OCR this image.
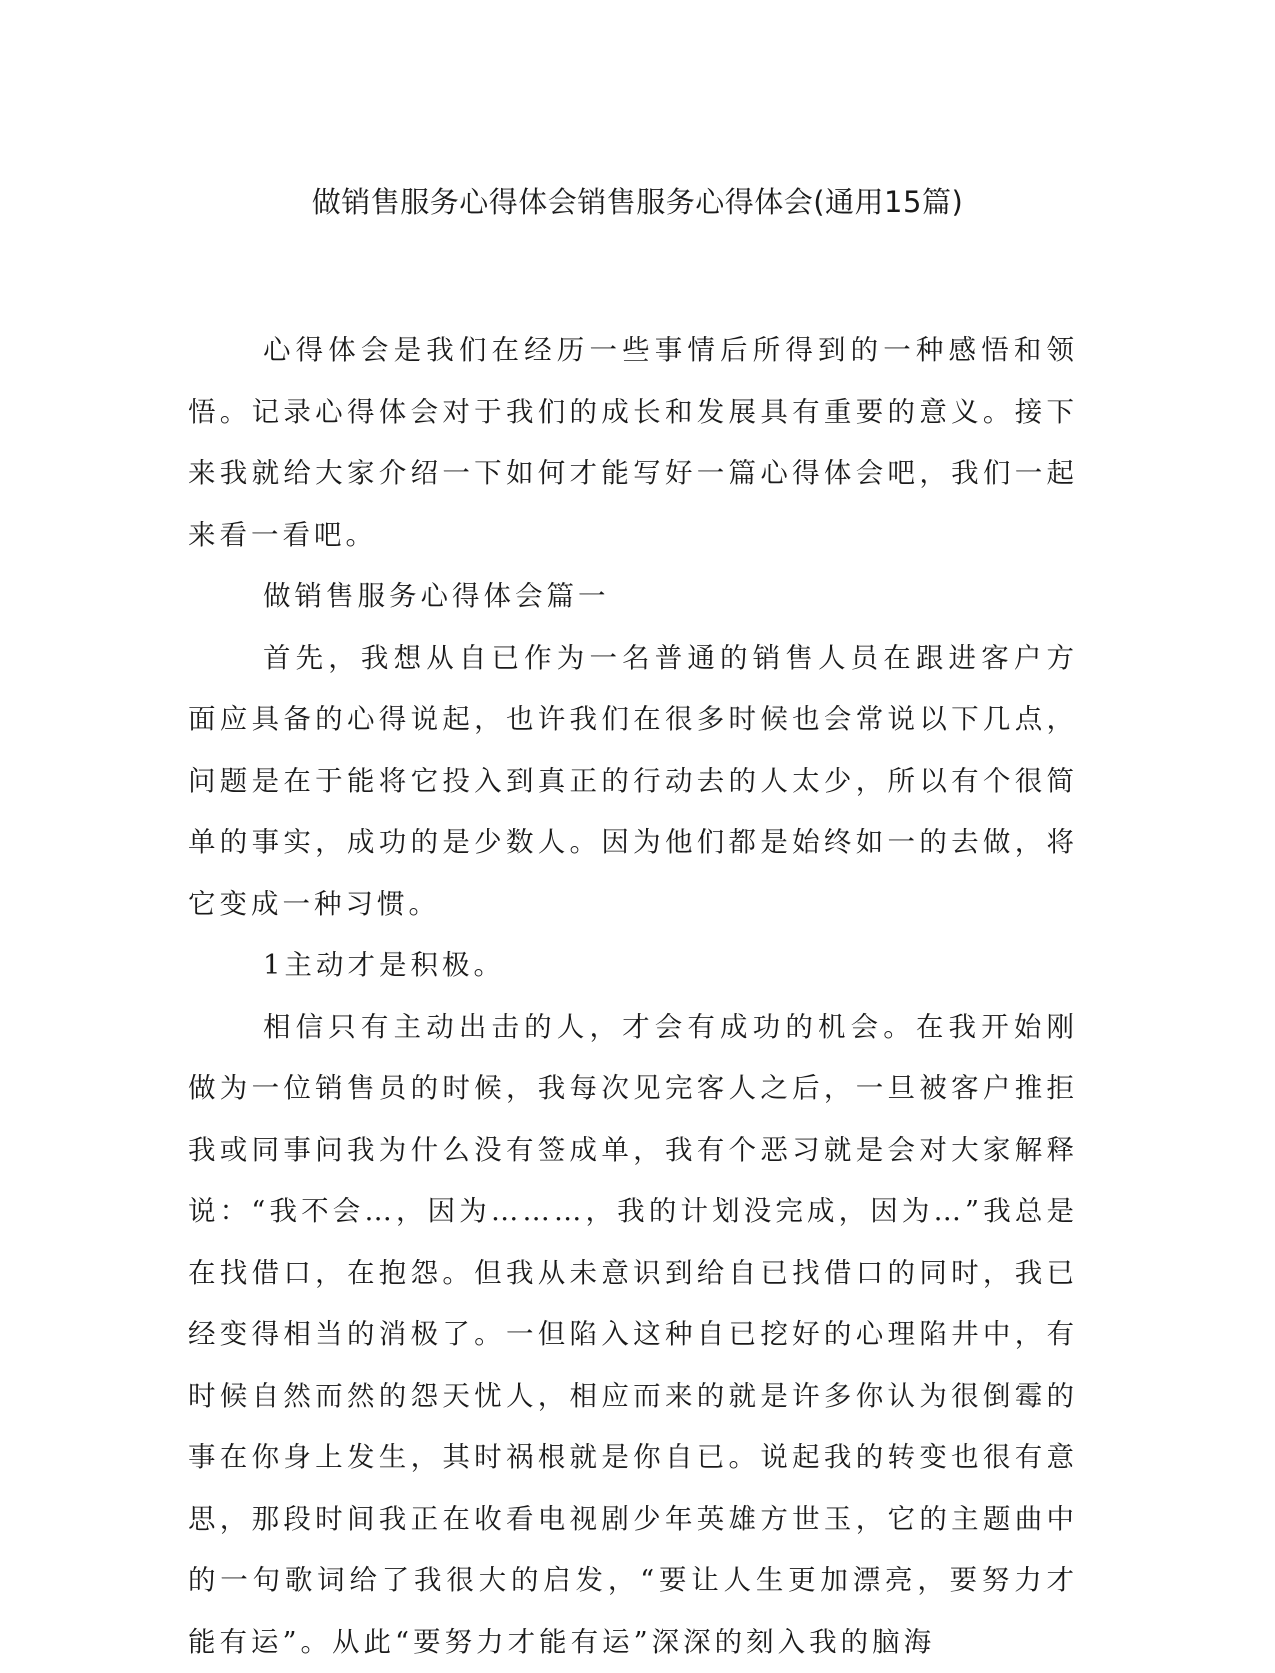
做销售服务心得体会销售服务心得体会(通用15篇)

心得体会是我们在经历一些事情后所得到的一种感悟和领悟。记录心得体会对于我们的成长和发展具有重要的意义。接下来我就给大家介绍一下如何才能写好一篇心得体会吧，我们一起来看一看吧。

做销售服务心得体会篇一

首先，我想从自已作为一名普通的销售人员在跟进客户方面应具备的心得说起，也许我们在很多时候也会常说以下几点，问题是在于能将它投入到真正的行动去的人太少，所以有个很简单的事实，成功的是少数人。因为他们都是始终如一的去做，将它变成一种习惯。

1主动才是积极。

相信只有主动出击的人，才会有成功的机会。在我开始刚做为一位销售员的时候，我每次见完客人之后，一旦被客户推拒我或同事问我为什么没有签成单，我有个恶习就是会对大家解释说：“我不会…，因为………，我的计划没完成，因为…”我总是在找借口，在抱怨。但我从未意识到给自已找借口的同时，我已经变得相当的消极了。一但陷入这种自已挖好的心理陷井中，有时候自然而然的怨天忧人，相应而来的就是许多你认为很倒霉的事在你身上发生，其时祸根就是你自已。说起我的转变也很有意思，那段时间我正在收看电视剧少年英雄方世玉，它的主题曲中的一句歌词给了我很大的启发，“要让人生更加漂亮，要努力才能有运”。从此“要努力才能有运”深深的刻入我的脑海
